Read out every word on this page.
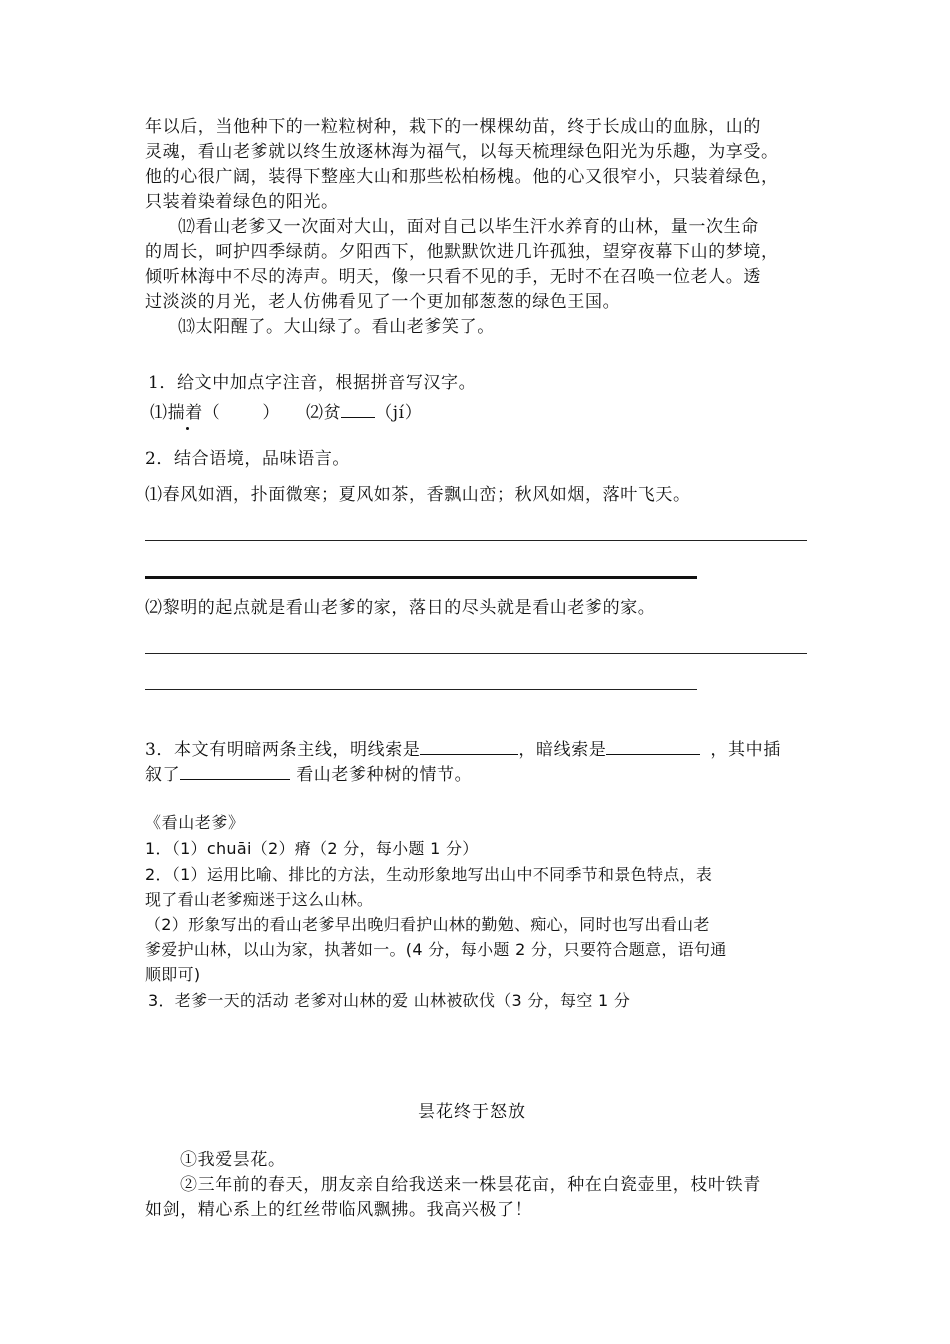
年以后，当他种下的一粒粒树种，栽下的一棵棵幼苗，终于长成山的血脉，山的
灵魂，看山老爹就以终生放逐林海为福气，以每天梳理绿色阳光为乐趣，为享受。
他的心很广阔，装得下整座大山和那些松柏杨槐。他的心又很窄小，只装着绿色，
只装着染着绿色的阳光。
⑿看山老爹又一次面对大山，面对自己以毕生汗水养育的山林，量一次生命
的周长，呵护四季绿荫。夕阳西下，他默默饮进几许孤独，望穿夜幕下山的梦境，
倾听林海中不尽的涛声。明天，像一只看不见的手，无时不在召唤一位老人。透
过淡淡的月光，老人仿佛看见了一个更加郁葱葱的绿色王国。
⒀太阳醒了。大山绿了。看山老爹笑了。
1．给文中加点字注音，根据拼音写汉字。
⑴揣着（ ） ⑵贫 （jí）
2．结合语境，品味语言。
⑴春风如酒，扑面微寒；夏风如茶，香飘山峦；秋风如烟，落叶飞天。
⑵黎明的起点就是看山老爹的家，落日的尽头就是看山老爹的家。
3．本文有明暗两条主线，明线索是	，暗线索是	，其中插
叙了	看山老爹种树的情节。
《看山老爹》
1．（1）chuāi（2）瘠（2 分，每小题 1 分）
2．（1）运用比喻、排比的方法，生动形象地写出山中不同季节和景色特点，表
现了看山老爹痴迷于这么山林。
（2）形象写出的看山老爹早出晚归看护山林的勤勉、痴心，同时也写出看山老
爹爱护山林，以山为家，执著如一。(4 分，每小题 2 分，只要符合题意，语句通
顺即可)
3．老爹一天的活动 老爹对山林的爱 山林被砍伐（3 分，每空 1 分
昙花终于怒放
①我爱昙花。
②三年前的春天，朋友亲自给我送来一株昙花亩，种在白瓷壶里，枝叶铁青
如剑，精心系上的红丝带临风飘拂。我高兴极了！
